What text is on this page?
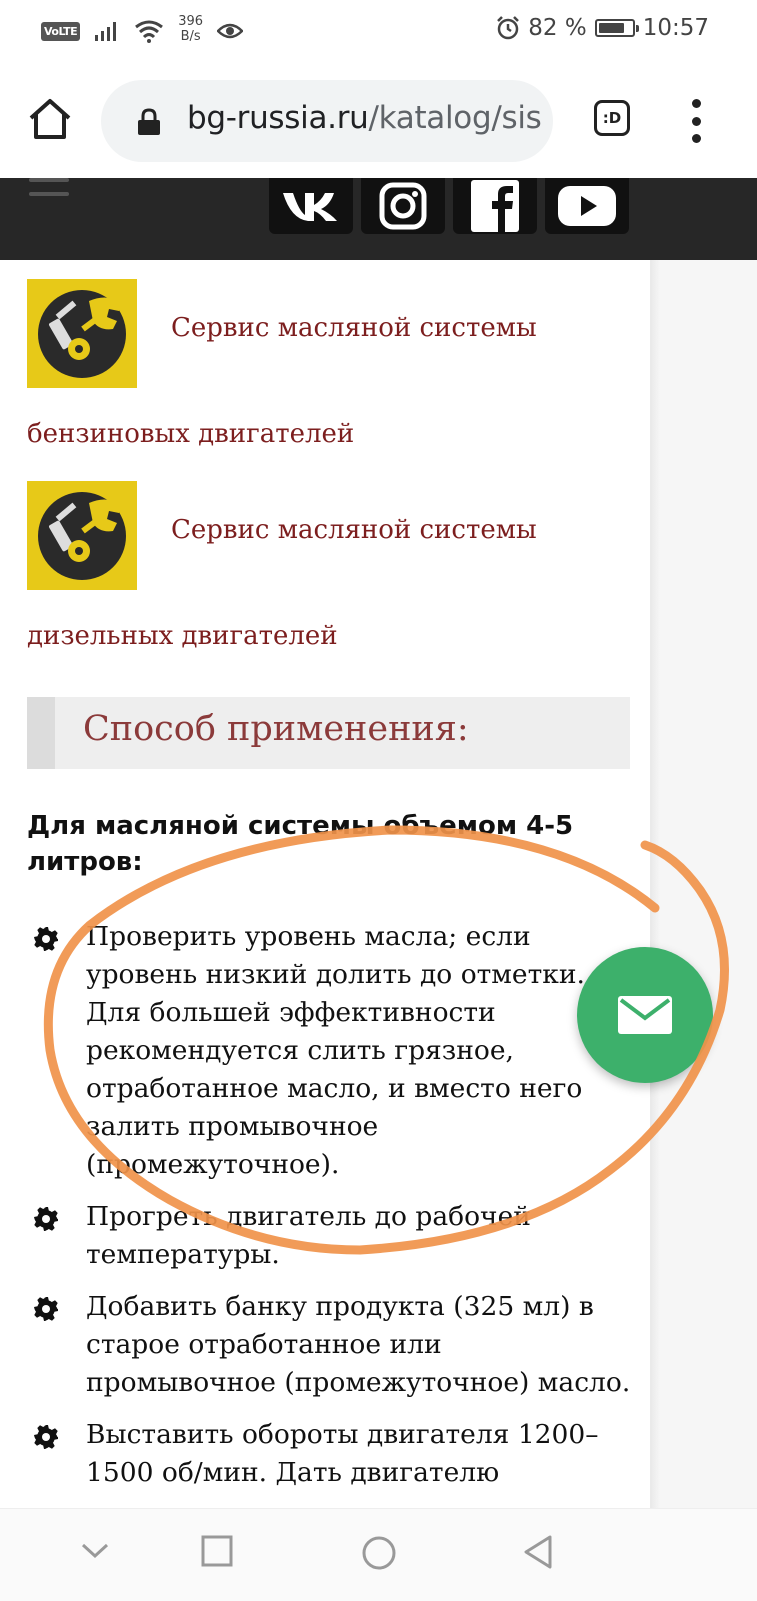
VoLTE
396
B/s	82 % 10:57
bg-russia.ru/katalog/sis	:D
Сервис масляной системы
бензиновых двигателей
Сервис масляной системы
дизельных двигателей
Способ применения:
Для масляной системы объемом 4-5 литров:
Проверить уровень масла; если уровень низкий долить до отметки. Для большей эффективности рекомендуется слить грязное, отработанное масло, и вместо него залить промывочное (промежуточное).
Прогреть двигатель до рабочей температуры.
Добавить банку продукта (325 мл) в старое отработанное или промывочное (промежуточное) масло.
Выставить обороты двигателя 1200–1500 об/мин. Дать двигателю
